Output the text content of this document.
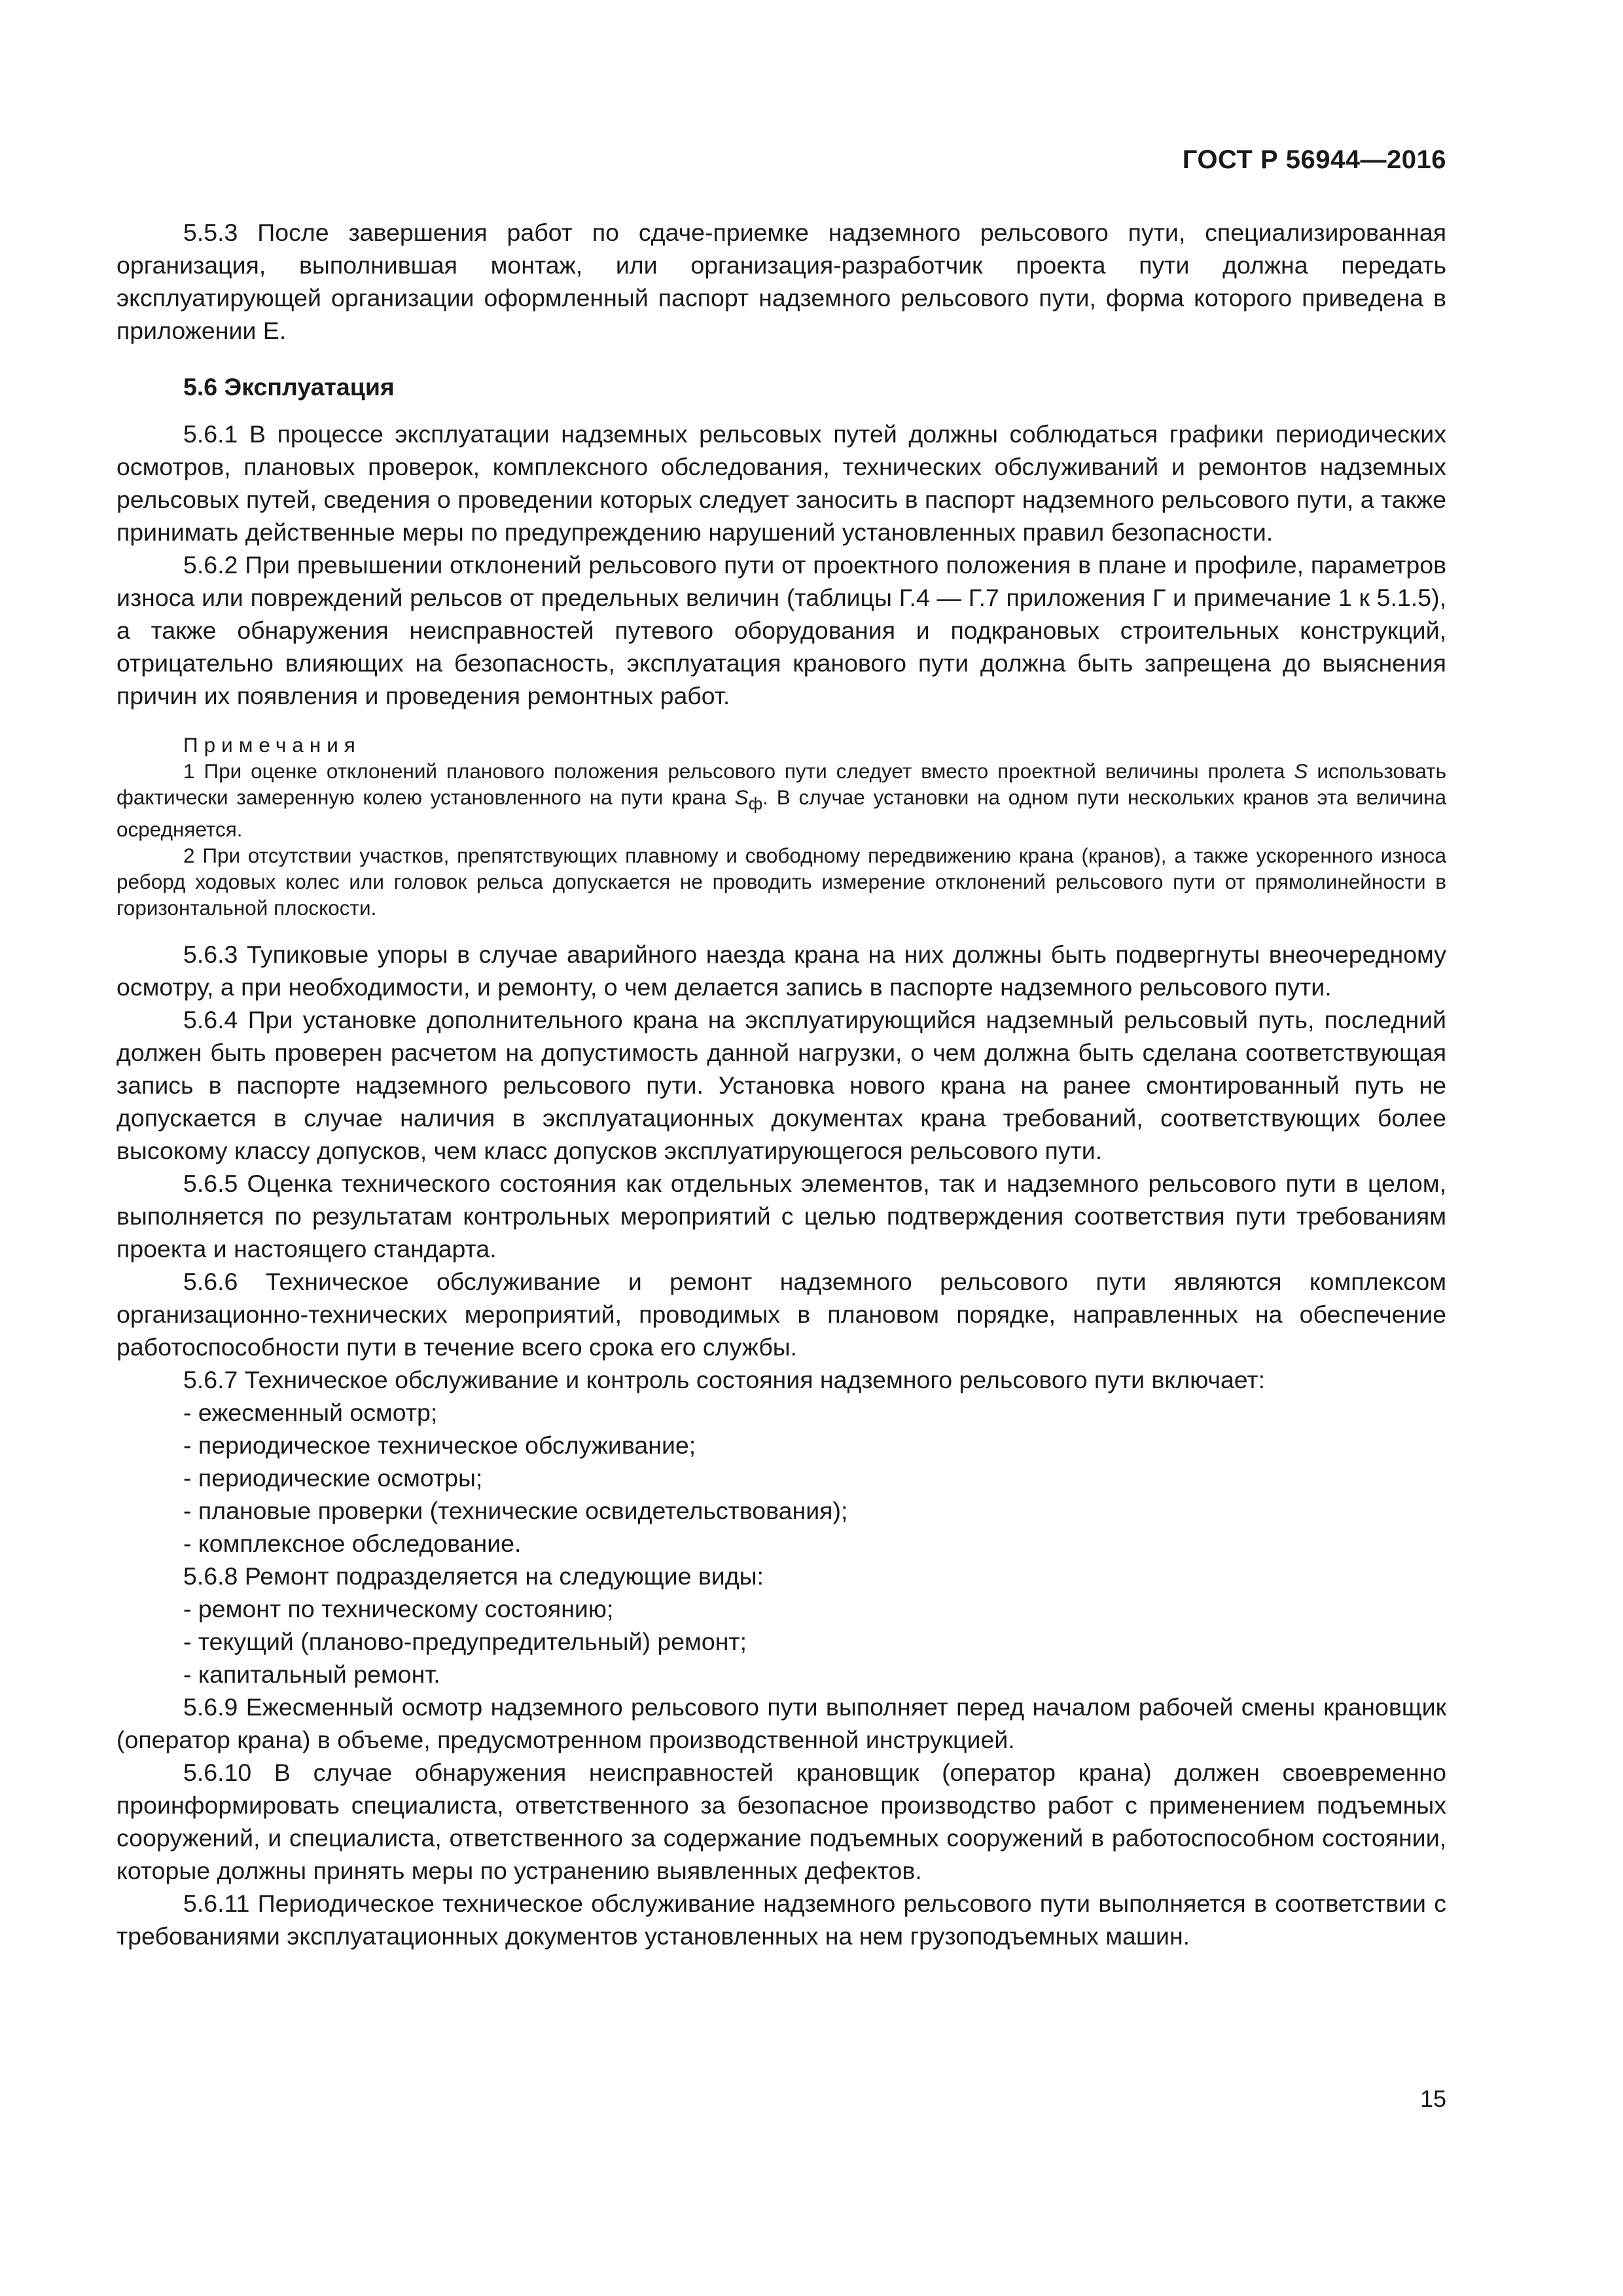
ГОСТ Р 56944—2016

5.5.3 После завершения работ по сдаче-приемке надземного рельсового пути, специализированная организация, выполнившая монтаж, или организация-разработчик проекта пути должна передать эксплуатирующей организации оформленный паспорт надземного рельсового пути, форма которого приведена в приложении Е.

5.6 Эксплуатация

5.6.1 В процессе эксплуатации надземных рельсовых путей должны соблюдаться графики периодических осмотров, плановых проверок, комплексного обследования, технических обслуживаний и ремонтов надземных рельсовых путей, сведения о проведении которых следует заносить в паспорт надземного рельсового пути, а также принимать действенные меры по предупреждению нарушений установленных правил безопасности.

5.6.2 При превышении отклонений рельсового пути от проектного положения в плане и профиле, параметров износа или повреждений рельсов от предельных величин (таблицы Г.4 — Г.7 приложения Г и примечание 1 к 5.1.5), а также обнаружения неисправностей путевого оборудования и подкрановых строительных конструкций, отрицательно влияющих на безопасность, эксплуатация кранового пути должна быть запрещена до выяснения причин их появления и проведения ремонтных работ.

Примечания

1 При оценке отклонений планового положения рельсового пути следует вместо проектной величины пролета S использовать фактически замеренную колею установленного на пути крана $S_ф$. В случае установки на одном пути нескольких кранов эта величина осредняется.

2 При отсутствии участков, препятствующих плавному и свободному передвижению крана (кранов), а также ускоренного износа реборд ходовых колес или головок рельса допускается не проводить измерение отклонений рельсового пути от прямолинейности в горизонтальной плоскости.

5.6.3 Тупиковые упоры в случае аварийного наезда крана на них должны быть подвергнуты внеочередному осмотру, а при необходимости, и ремонту, о чем делается запись в паспорте надземного рельсового пути.

5.6.4 При установке дополнительного крана на эксплуатирующийся надземный рельсовый путь, последний должен быть проверен расчетом на допустимость данной нагрузки, о чем должна быть сделана соответствующая запись в паспорте надземного рельсового пути. Установка нового крана на ранее смонтированный путь не допускается в случае наличия в эксплуатационных документах крана требований, соответствующих более высокому классу допусков, чем класс допусков эксплуатирующегося рельсового пути.

5.6.5 Оценка технического состояния как отдельных элементов, так и надземного рельсового пути в целом, выполняется по результатам контрольных мероприятий с целью подтверждения соответствия пути требованиям проекта и настоящего стандарта.

5.6.6 Техническое обслуживание и ремонт надземного рельсового пути являются комплексом организационно-технических мероприятий, проводимых в плановом порядке, направленных на обеспечение работоспособности пути в течение всего срока его службы.

5.6.7 Техническое обслуживание и контроль состояния надземного рельсового пути включает:

- ежесменный осмотр;
- периодическое техническое обслуживание;
- периодические осмотры;
- плановые проверки (технические освидетельствования);
- комплексное обследование.

5.6.8 Ремонт подразделяется на следующие виды:

- ремонт по техническому состоянию;
- текущий (планово-предупредительный) ремонт;
- капитальный ремонт.

5.6.9 Ежесменный осмотр надземного рельсового пути выполняет перед началом рабочей смены крановщик (оператор крана) в объеме, предусмотренном производственной инструкцией.

5.6.10 В случае обнаружения неисправностей крановщик (оператор крана) должен своевременно проинформировать специалиста, ответственного за безопасное производство работ с применением подъемных сооружений, и специалиста, ответственного за содержание подъемных сооружений в работоспособном состоянии, которые должны принять меры по устранению выявленных дефектов.

5.6.11 Периодическое техническое обслуживание надземного рельсового пути выполняется в соответствии с требованиями эксплуатационных документов установленных на нем грузоподъемных машин.

15
